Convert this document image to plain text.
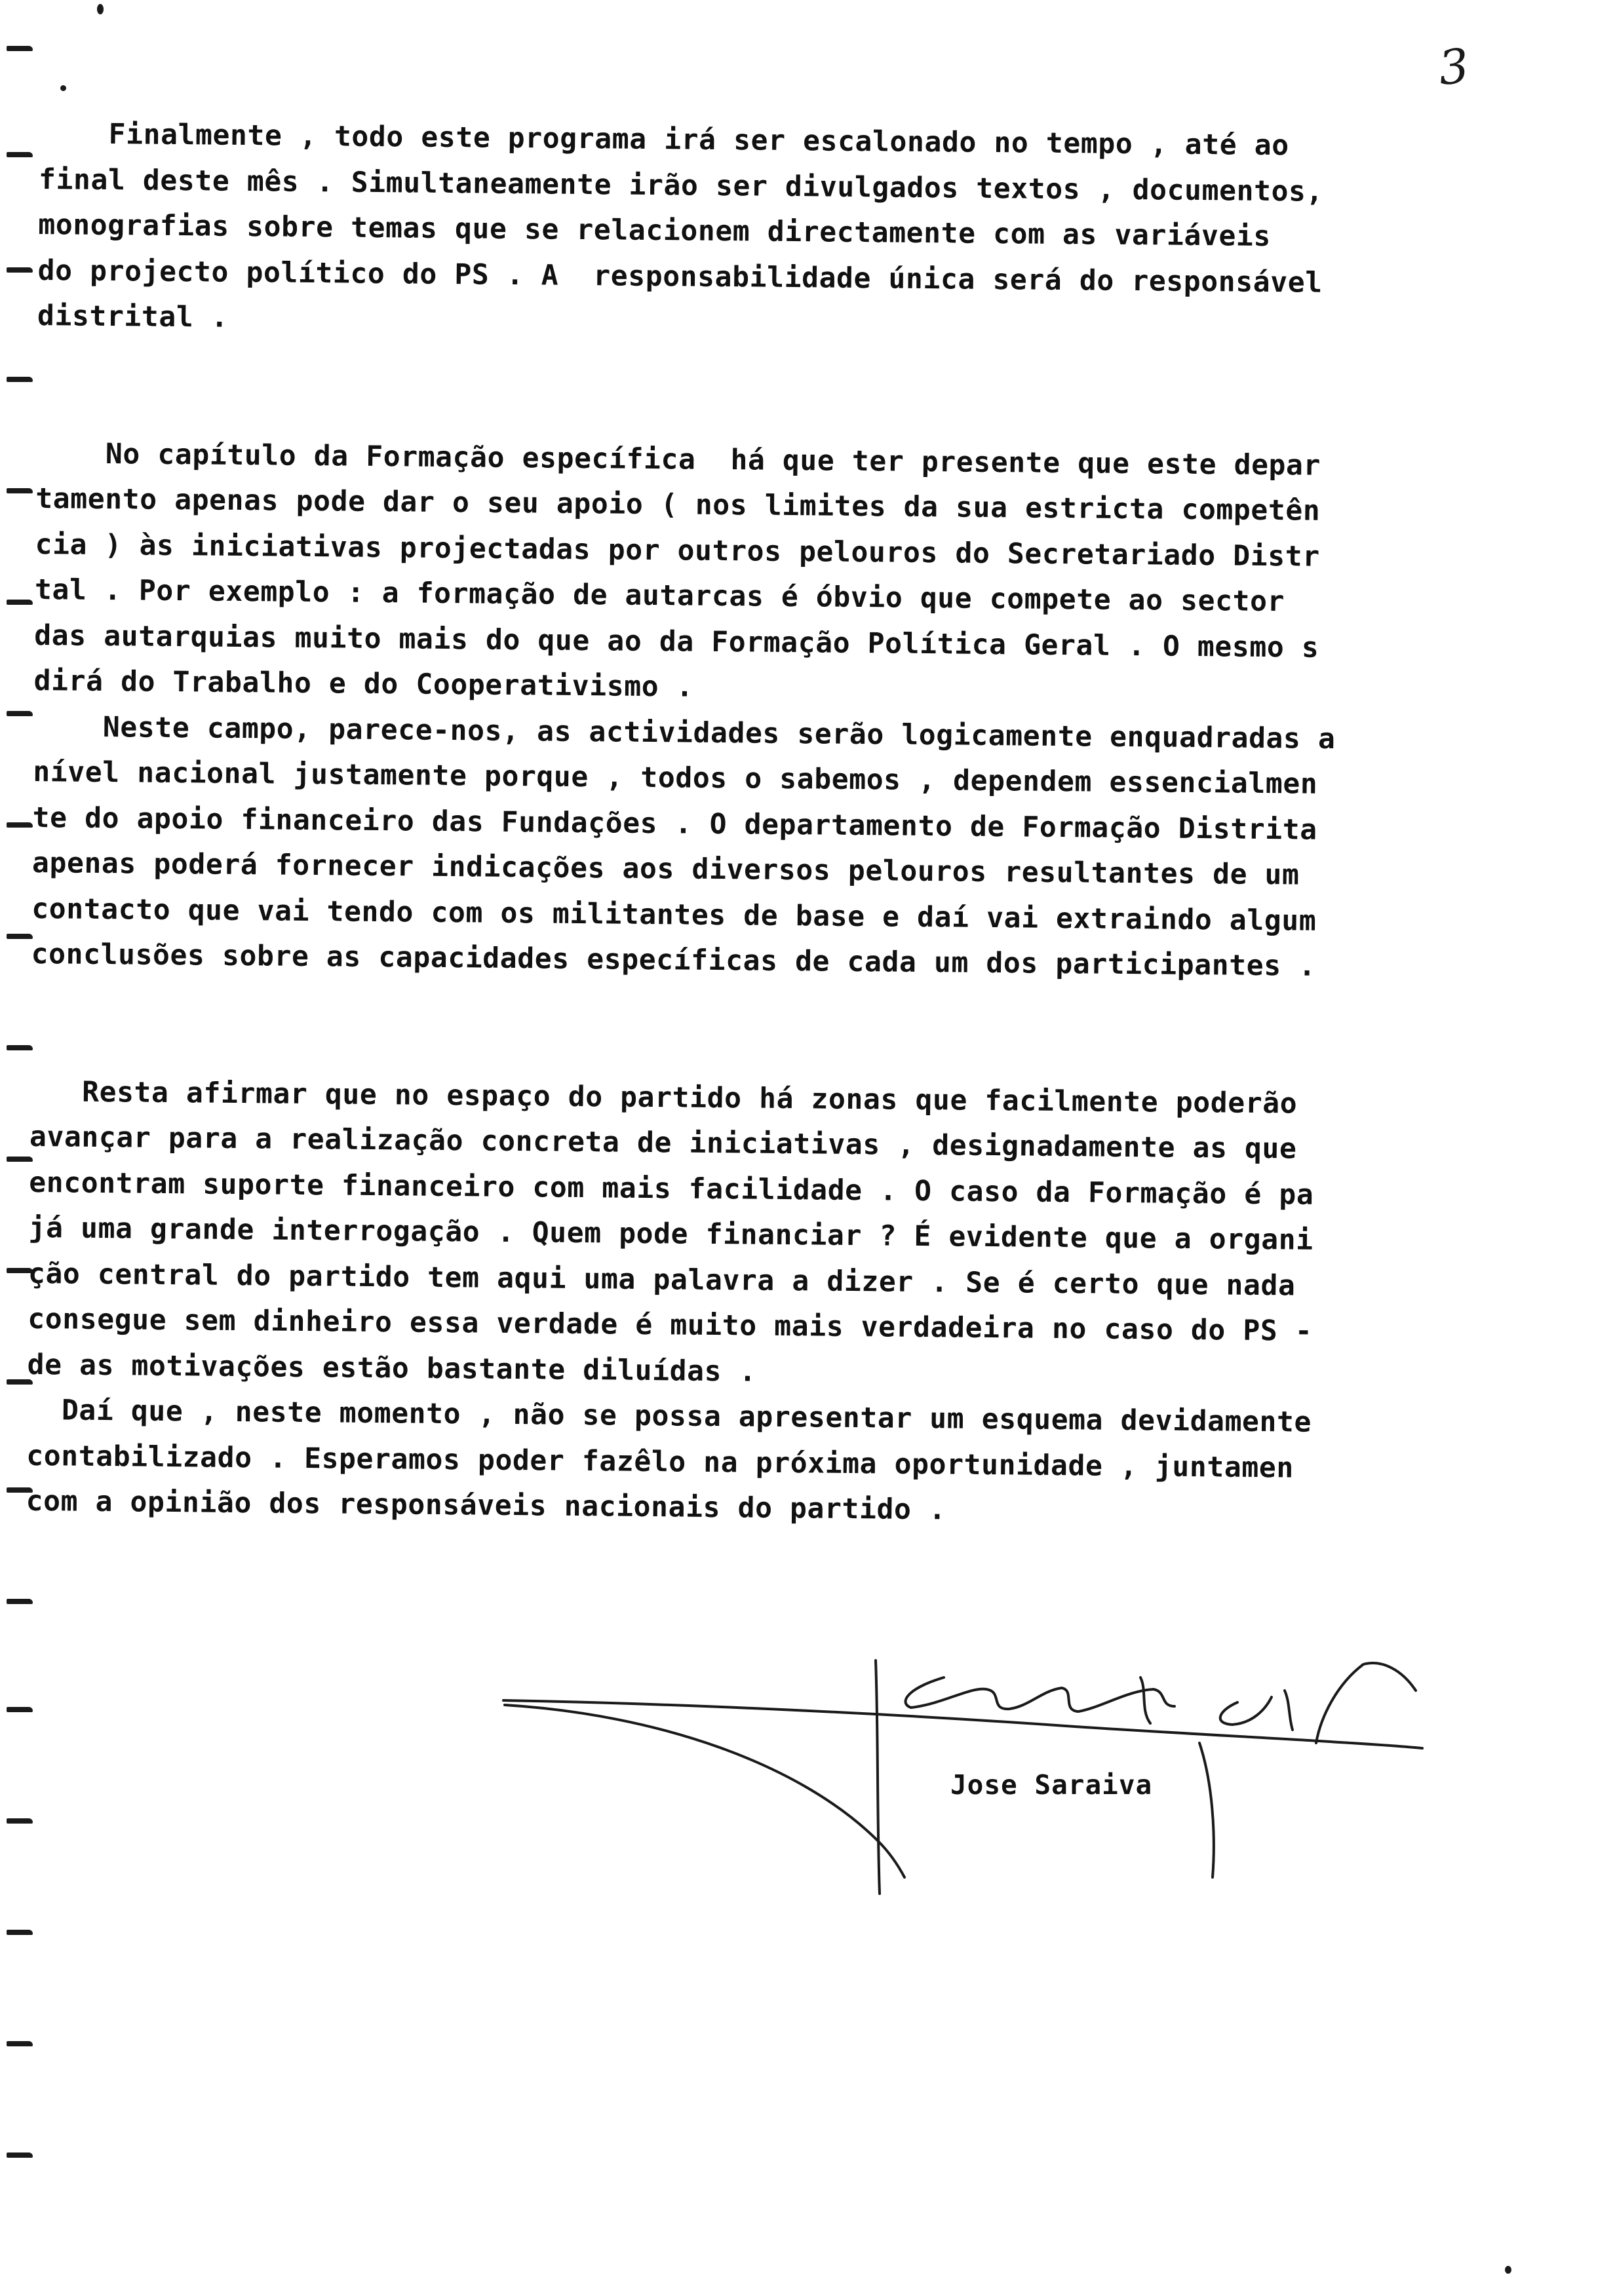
3
Finalmente , todo este programa irá ser escalonado no tempo , até ao
final deste mês . Simultaneamente irão ser divulgados textos , documentos,
monografias sobre temas que se relacionem directamente com as variáveis
do projecto político do PS . A  responsabilidade única será do responsável
distrital .
No capítulo da Formação específica  há que ter presente que este depar
tamento apenas pode dar o seu apoio ( nos limites da sua estricta competên
cia ) às iniciativas projectadas por outros pelouros do Secretariado Distr
tal . Por exemplo : a formação de autarcas é óbvio que compete ao sector
das autarquias muito mais do que ao da Formação Política Geral . O mesmo s
dirá do Trabalho e do Cooperativismo .
Neste campo, parece-nos, as actividades serão logicamente enquadradas a
nível nacional justamente porque , todos o sabemos , dependem essencialmen
te do apoio financeiro das Fundações . O departamento de Formação Distrita
apenas poderá fornecer indicações aos diversos pelouros resultantes de um
contacto que vai tendo com os militantes de base e daí vai extraindo algum
conclusões sobre as capacidades específicas de cada um dos participantes .
Resta afirmar que no espaço do partido há zonas que facilmente poderão
avançar para a realização concreta de iniciativas , designadamente as que
encontram suporte financeiro com mais facilidade . O caso da Formação é pa
já uma grande interrogação . Quem pode financiar ? É evidente que a organi
ção central do partido tem aqui uma palavra a dizer . Se é certo que nada
consegue sem dinheiro essa verdade é muito mais verdadeira no caso do PS -
de as motivações estão bastante diluídas .
Daí que , neste momento , não se possa apresentar um esquema devidamente
contabilizado . Esperamos poder fazêlo na próxima oportunidade , juntamen
com a opinião dos responsáveis nacionais do partido .
Jose Saraiva
